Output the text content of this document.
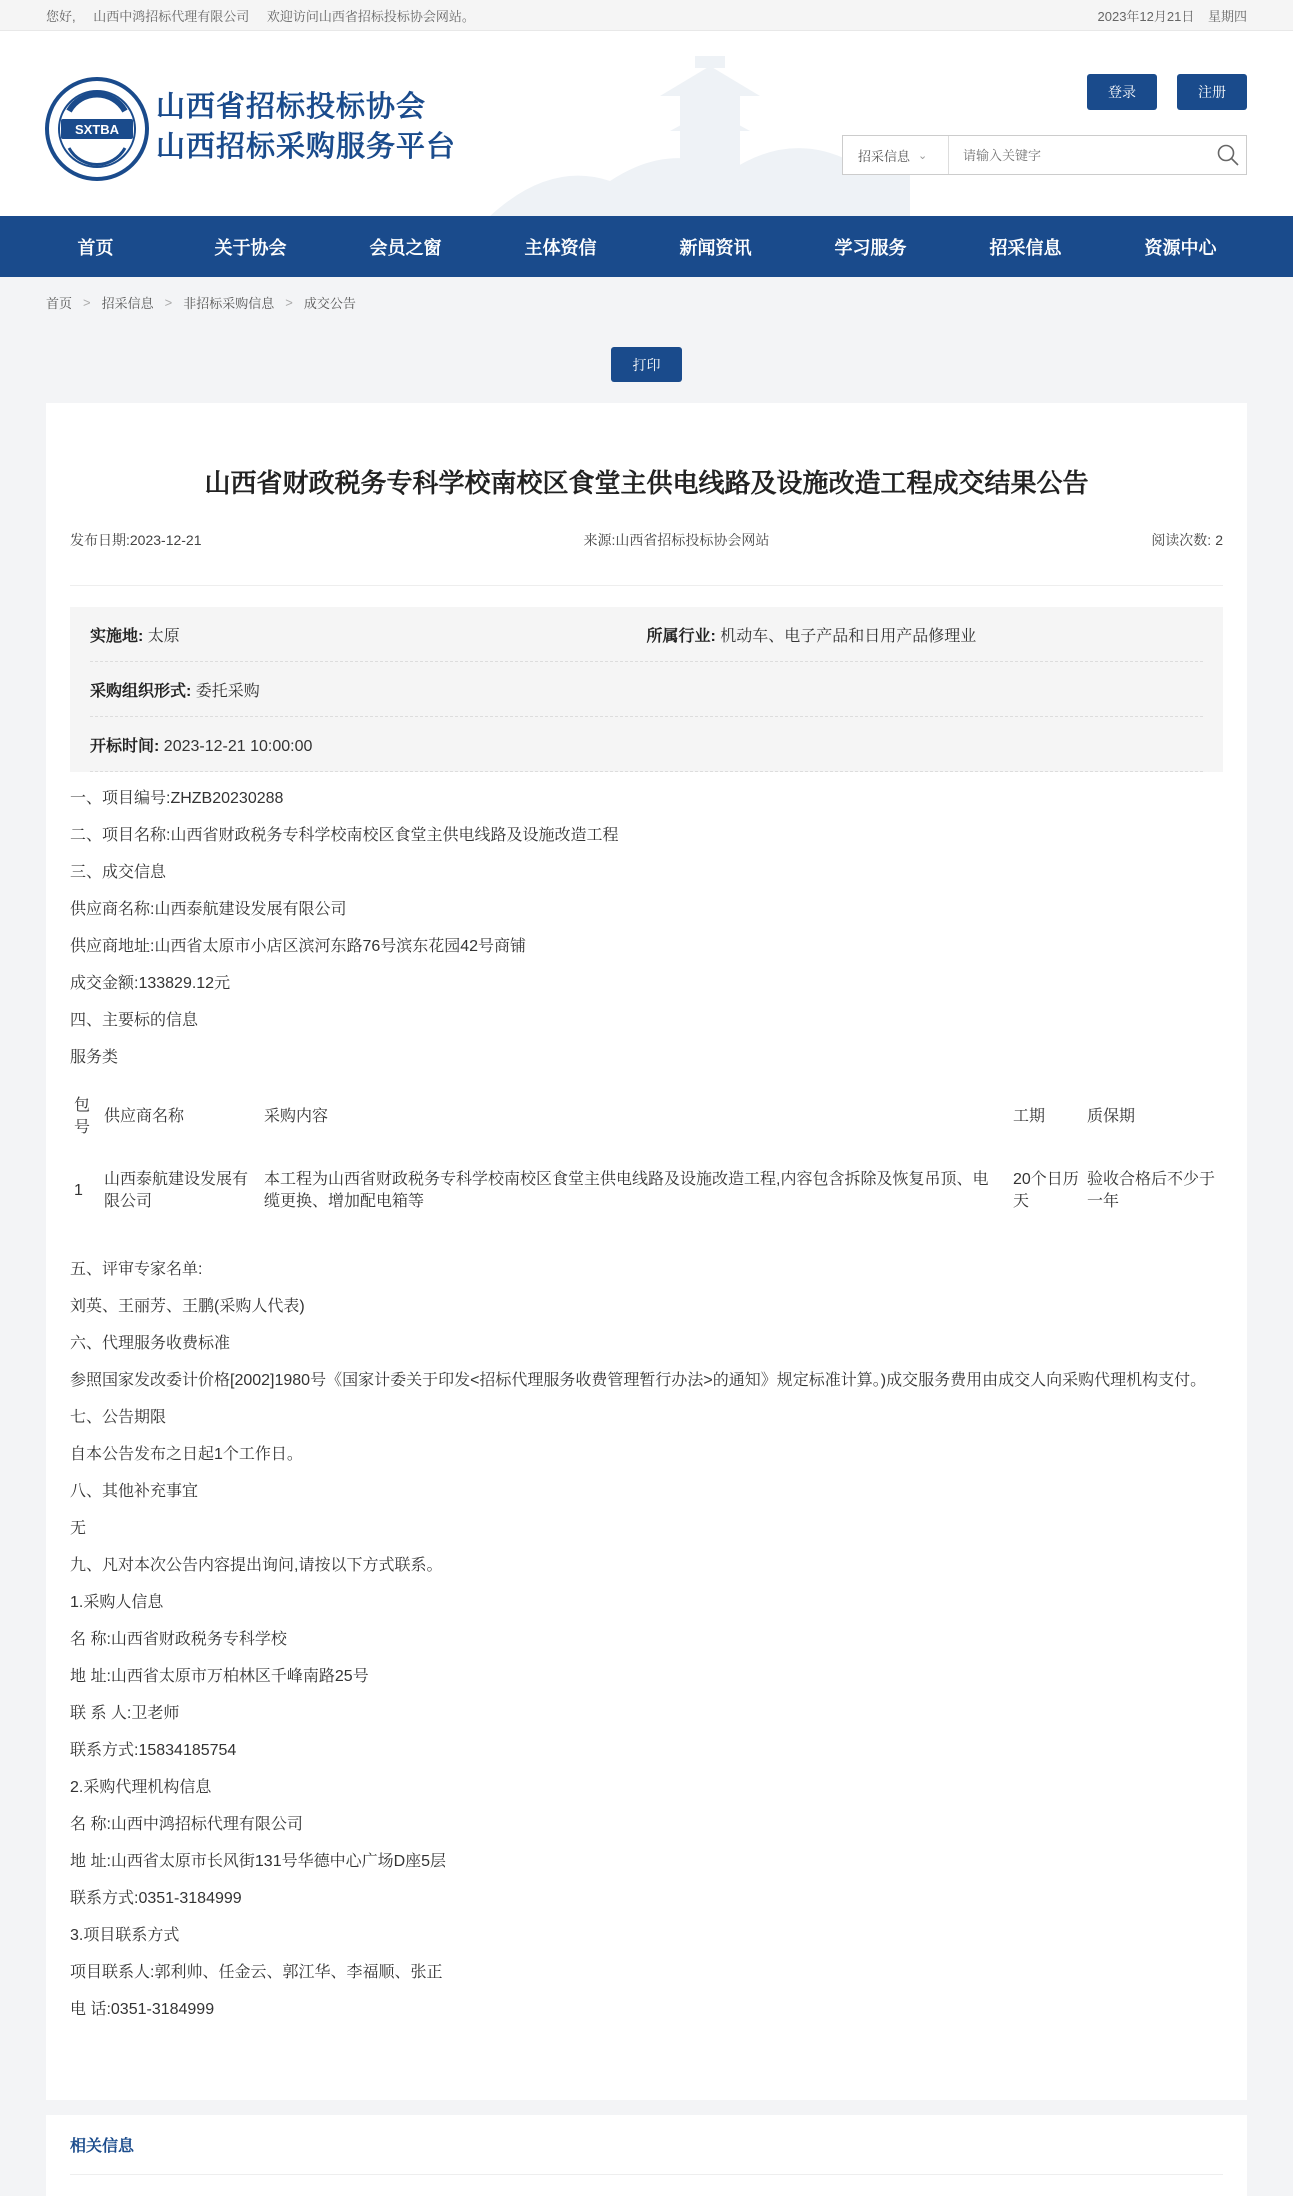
您好, 山西中鸿招标代理有限公司 欢迎访问山西省招标投标协会网站。	2023年12月21日 星期四
SXTBA
山西省招标投标协会
山西招标采购服务平台
登录	注册
招采信息 ⌄
请输入关键字
首页	关于协会	会员之窗	主体资信	新闻资讯	学习服务	招采信息	资源中心
首页 > 招采信息 > 非招标采购信息 > 成交公告
打印
山西省财政税务专科学校南校区食堂主供电线路及设施改造工程成交结果公告
发布日期:2023-12-21	来源:山西省招标投标协会网站	阅读次数: 2
实施地: 太原	所属行业: 机动车、电子产品和日用产品修理业
采购组织形式: 委托采购
开标时间: 2023-12-21 10:00:00

一、项目编号:ZHZB20230288

二、项目名称:山西省财政税务专科学校南校区食堂主供电线路及设施改造工程

三、成交信息

供应商名称:山西泰航建设发展有限公司

供应商地址:山西省太原市小店区滨河东路76号滨东花园42号商铺

成交金额:133829.12元

四、主要标的信息

服务类

包号	供应商名称	采购内容	工期	质保期
1	山西泰航建设发展有限公司	本工程为山西省财政税务专科学校南校区食堂主供电线路及设施改造工程,内容包含拆除及恢复吊顶、电缆更换、增加配电箱等	20个日历天	验收合格后不少于一年

五、评审专家名单:

刘英、王丽芳、王鹏(采购人代表)

六、代理服务收费标准

参照国家发改委计价格[2002]1980号《国家计委关于印发<招标代理服务收费管理暂行办法>的通知》规定标准计算。)成交服务费用由成交人向采购代理机构支付。

七、公告期限

自本公告发布之日起1个工作日。

八、其他补充事宜

无

九、凡对本次公告内容提出询问,请按以下方式联系。

1.采购人信息

名 称:山西省财政税务专科学校

地 址:山西省太原市万柏林区千峰南路25号

联 系 人:卫老师

联系方式:15834185754

2.采购代理机构信息

名 称:山西中鸿招标代理有限公司

地 址:山西省太原市长风街131号华德中心广场D座5层

联系方式:0351-3184999

3.项目联系方式

项目联系人:郭利帅、任金云、郭江华、李福顺、张正

电 话:0351-3184999

相关信息
